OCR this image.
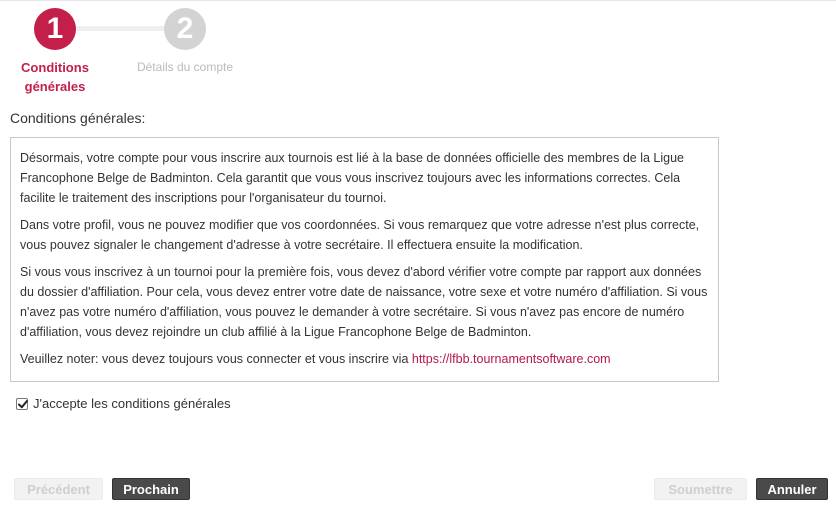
1
Conditions
générales
2
Détails du compte
Conditions générales:

Désormais, votre compte pour vous inscrire aux tournois est lié à la base de données officielle des membres de la Ligue Francophone Belge de Badminton. Cela garantit que vous vous inscrivez toujours avec les informations correctes. Cela facilite le traitement des inscriptions pour l'organisateur du tournoi.

Dans votre profil, vous ne pouvez modifier que vos coordonnées. Si vous remarquez que votre adresse n'est plus correcte, vous pouvez signaler le changement d'adresse à votre secrétaire. Il effectuera ensuite la modification.

Si vous vous inscrivez à un tournoi pour la première fois, vous devez d'abord vérifier votre compte par rapport aux données du dossier d'affiliation. Pour cela, vous devez entrer votre date de naissance, votre sexe et votre numéro d'affiliation. Si vous n'avez pas votre numéro d'affiliation, vous pouvez le demander à votre secrétaire. Si vous n'avez pas encore de numéro d'affiliation, vous devez rejoindre un club affilié à la Ligue Francophone Belge de Badminton.

Veuillez noter: vous devez toujours vous connecter et vous inscrire via https://lfbb.tournamentsoftware.com

J'accepte les conditions générales
Précédent	Prochain	Soumettre	Annuler
